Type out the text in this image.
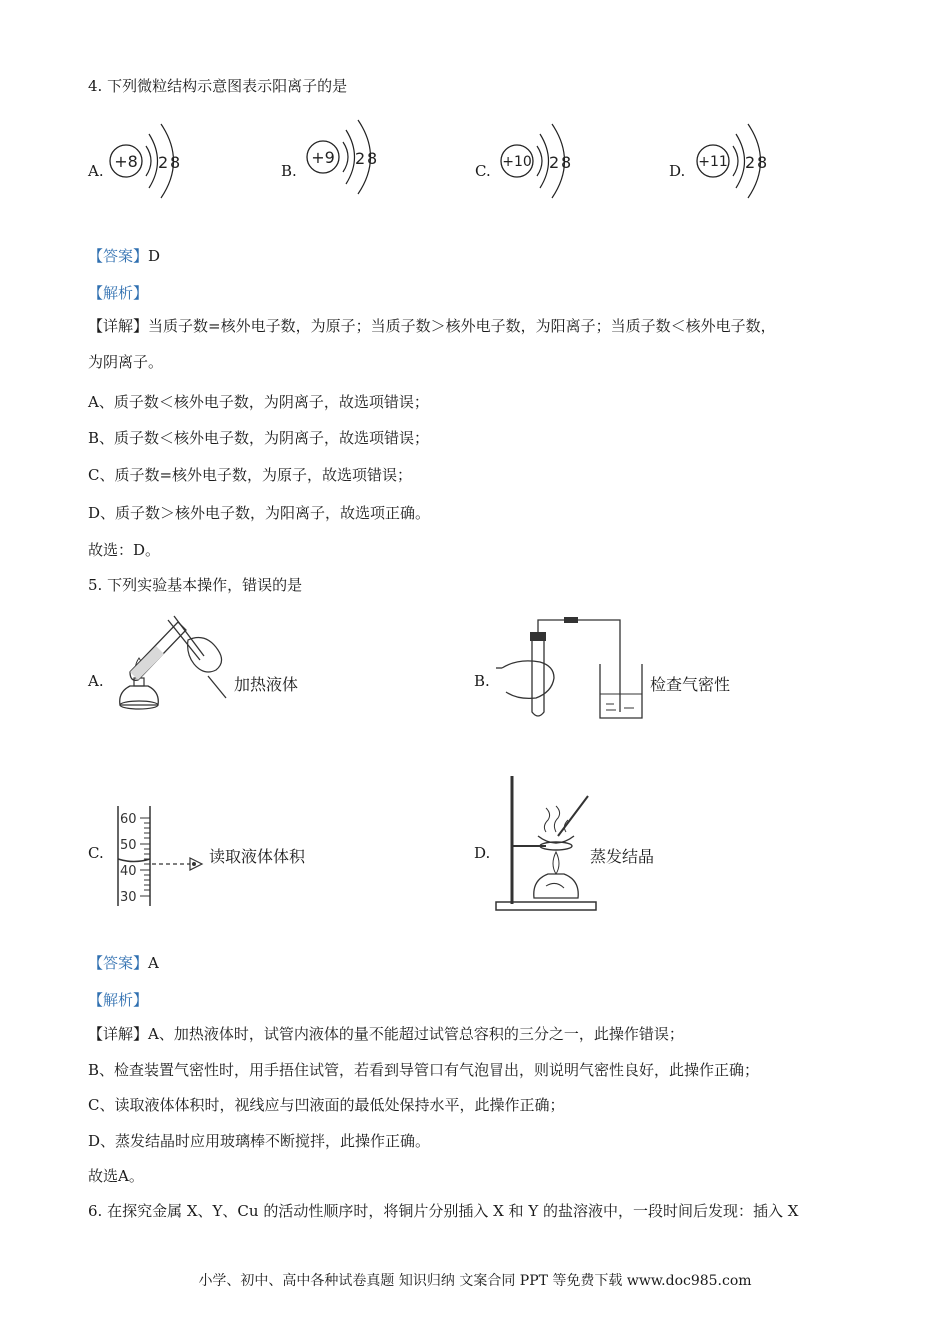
4. 下列微粒结构示意图表示阳离子的是
A. +8 2 8	B.
+9 2 8
C. +10 2 8	D. +11 2 8
【答案】D
【解析】
【详解】当质子数=核外电子数，为原子；当质子数＞核外电子数，为阳离子；当质子数＜核外电子数，
为阴离子。
A、质子数＜核外电子数，为阴离子，故选项错误；
B、质子数＜核外电子数，为阴离子，故选项错误；
C、质子数=核外电子数，为原子，故选项错误；
D、质子数＞核外电子数，为阳离子，故选项正确。
故选：D。
5. 下列实验基本操作，错误的是
A.	加热液体	B.	检查气密性
C.
60
50
40
30
读取液体体积	D.	蒸发结晶
【答案】A
【解析】
【详解】A、加热液体时，试管内液体的量不能超过试管总容积的三分之一，此操作错误；
B、检查装置气密性时，用手捂住试管，若看到导管口有气泡冒出，则说明气密性良好，此操作正确；
C、读取液体体积时，视线应与凹液面的最低处保持水平，此操作正确；
D、蒸发结晶时应用玻璃棒不断搅拌，此操作正确。
故选A。
6. 在探究金属 X、Y、Cu 的活动性顺序时，将铜片分别插入 X 和 Y 的盐溶液中，一段时间后发现：插入 X
小学、初中、高中各种试卷真题 知识归纳 文案合同 PPT 等免费下载 www.doc985.com
